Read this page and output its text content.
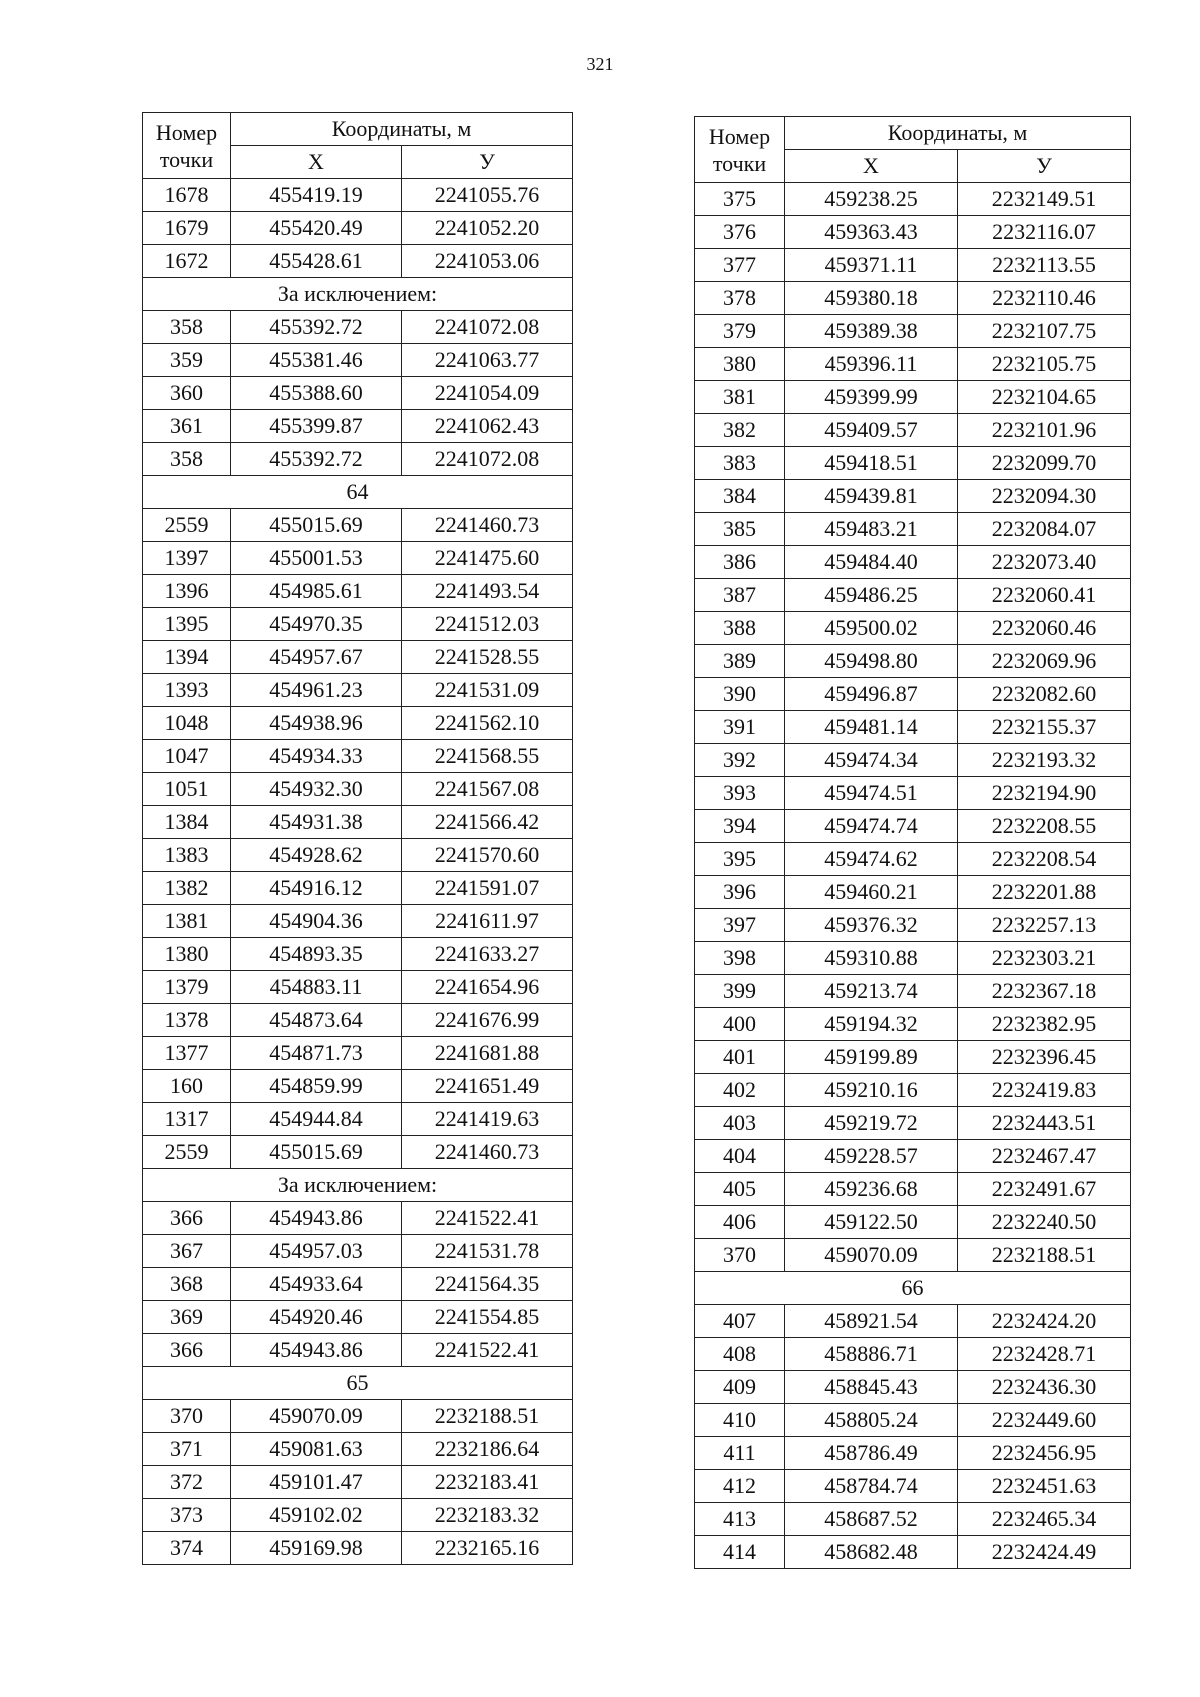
321
Номер
точки	Координаты, м	
	Х	У
1678	455419.19	2241055.76
1679	455420.49	2241052.20
1672	455428.61	2241053.06
За исключением:		
358	455392.72	2241072.08
359	455381.46	2241063.77
360	455388.60	2241054.09
361	455399.87	2241062.43
358	455392.72	2241072.08
64		
2559	455015.69	2241460.73
1397	455001.53	2241475.60
1396	454985.61	2241493.54
1395	454970.35	2241512.03
1394	454957.67	2241528.55
1393	454961.23	2241531.09
1048	454938.96	2241562.10
1047	454934.33	2241568.55
1051	454932.30	2241567.08
1384	454931.38	2241566.42
1383	454928.62	2241570.60
1382	454916.12	2241591.07
1381	454904.36	2241611.97
1380	454893.35	2241633.27
1379	454883.11	2241654.96
1378	454873.64	2241676.99
1377	454871.73	2241681.88
160	454859.99	2241651.49
1317	454944.84	2241419.63
2559	455015.69	2241460.73
За исключением:		
366	454943.86	2241522.41
367	454957.03	2241531.78
368	454933.64	2241564.35
369	454920.46	2241554.85
366	454943.86	2241522.41
65		
370	459070.09	2232188.51
371	459081.63	2232186.64
372	459101.47	2232183.41
373	459102.02	2232183.32
374	459169.98	2232165.16
Номер
точки	Координаты, м	
	Х	У
375	459238.25	2232149.51
376	459363.43	2232116.07
377	459371.11	2232113.55
378	459380.18	2232110.46
379	459389.38	2232107.75
380	459396.11	2232105.75
381	459399.99	2232104.65
382	459409.57	2232101.96
383	459418.51	2232099.70
384	459439.81	2232094.30
385	459483.21	2232084.07
386	459484.40	2232073.40
387	459486.25	2232060.41
388	459500.02	2232060.46
389	459498.80	2232069.96
390	459496.87	2232082.60
391	459481.14	2232155.37
392	459474.34	2232193.32
393	459474.51	2232194.90
394	459474.74	2232208.55
395	459474.62	2232208.54
396	459460.21	2232201.88
397	459376.32	2232257.13
398	459310.88	2232303.21
399	459213.74	2232367.18
400	459194.32	2232382.95
401	459199.89	2232396.45
402	459210.16	2232419.83
403	459219.72	2232443.51
404	459228.57	2232467.47
405	459236.68	2232491.67
406	459122.50	2232240.50
370	459070.09	2232188.51
66		
407	458921.54	2232424.20
408	458886.71	2232428.71
409	458845.43	2232436.30
410	458805.24	2232449.60
411	458786.49	2232456.95
412	458784.74	2232451.63
413	458687.52	2232465.34
414	458682.48	2232424.49
